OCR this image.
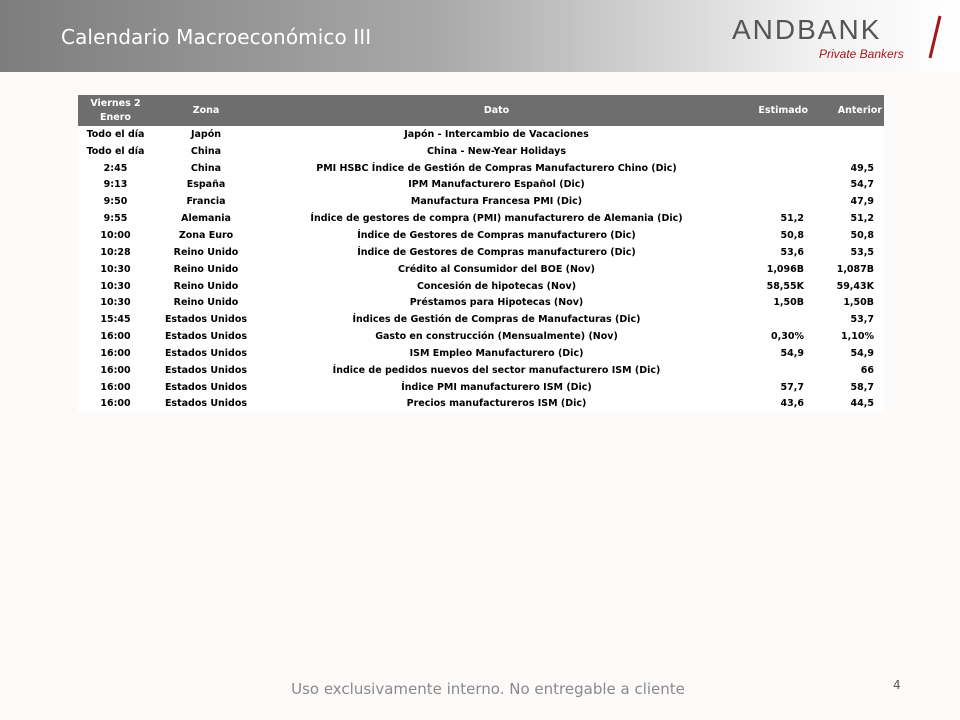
Calendario Macroeconómico III	ANDBANK
Private Bankers
Viernes 2
Enero	Zona	Dato	Estimado	Anterior
Todo el día	Japón	Japón - Intercambio de Vacaciones		
Todo el día	China	China - New-Year Holidays		
2:45	China	PMI HSBC Índice de Gestión de Compras Manufacturero Chino (Dic)		49,5
9:13	España	IPM Manufacturero Español (Dic)		54,7
9:50	Francia	Manufactura Francesa PMI (Dic)		47,9
9:55	Alemania	Índice de gestores de compra (PMI) manufacturero de Alemania (Dic)	51,2	51,2
10:00	Zona Euro	Índice de Gestores de Compras manufacturero (Dic)	50,8	50,8
10:28	Reino Unido	Índice de Gestores de Compras manufacturero (Dic)	53,6	53,5
10:30	Reino Unido	Crédito al Consumidor del BOE (Nov)	1,096B	1,087B
10:30	Reino Unido	Concesión de hipotecas (Nov)	58,55K	59,43K
10:30	Reino Unido	Préstamos para Hipotecas (Nov)	1,50B	1,50B
15:45	Estados Unidos	Índices de Gestión de Compras de Manufacturas (Dic)		53,7
16:00	Estados Unidos	Gasto en construcción (Mensualmente) (Nov)	0,30%	1,10%
16:00	Estados Unidos	ISM Empleo Manufacturero (Dic)	54,9	54,9
16:00	Estados Unidos	Índice de pedidos nuevos del sector manufacturero ISM (Dic)		66
16:00	Estados Unidos	Índice PMI manufacturero ISM (Dic)	57,7	58,7
16:00	Estados Unidos	Precios manufactureros ISM (Dic)	43,6	44,5
Uso exclusivamente interno. No entregable a cliente	4
